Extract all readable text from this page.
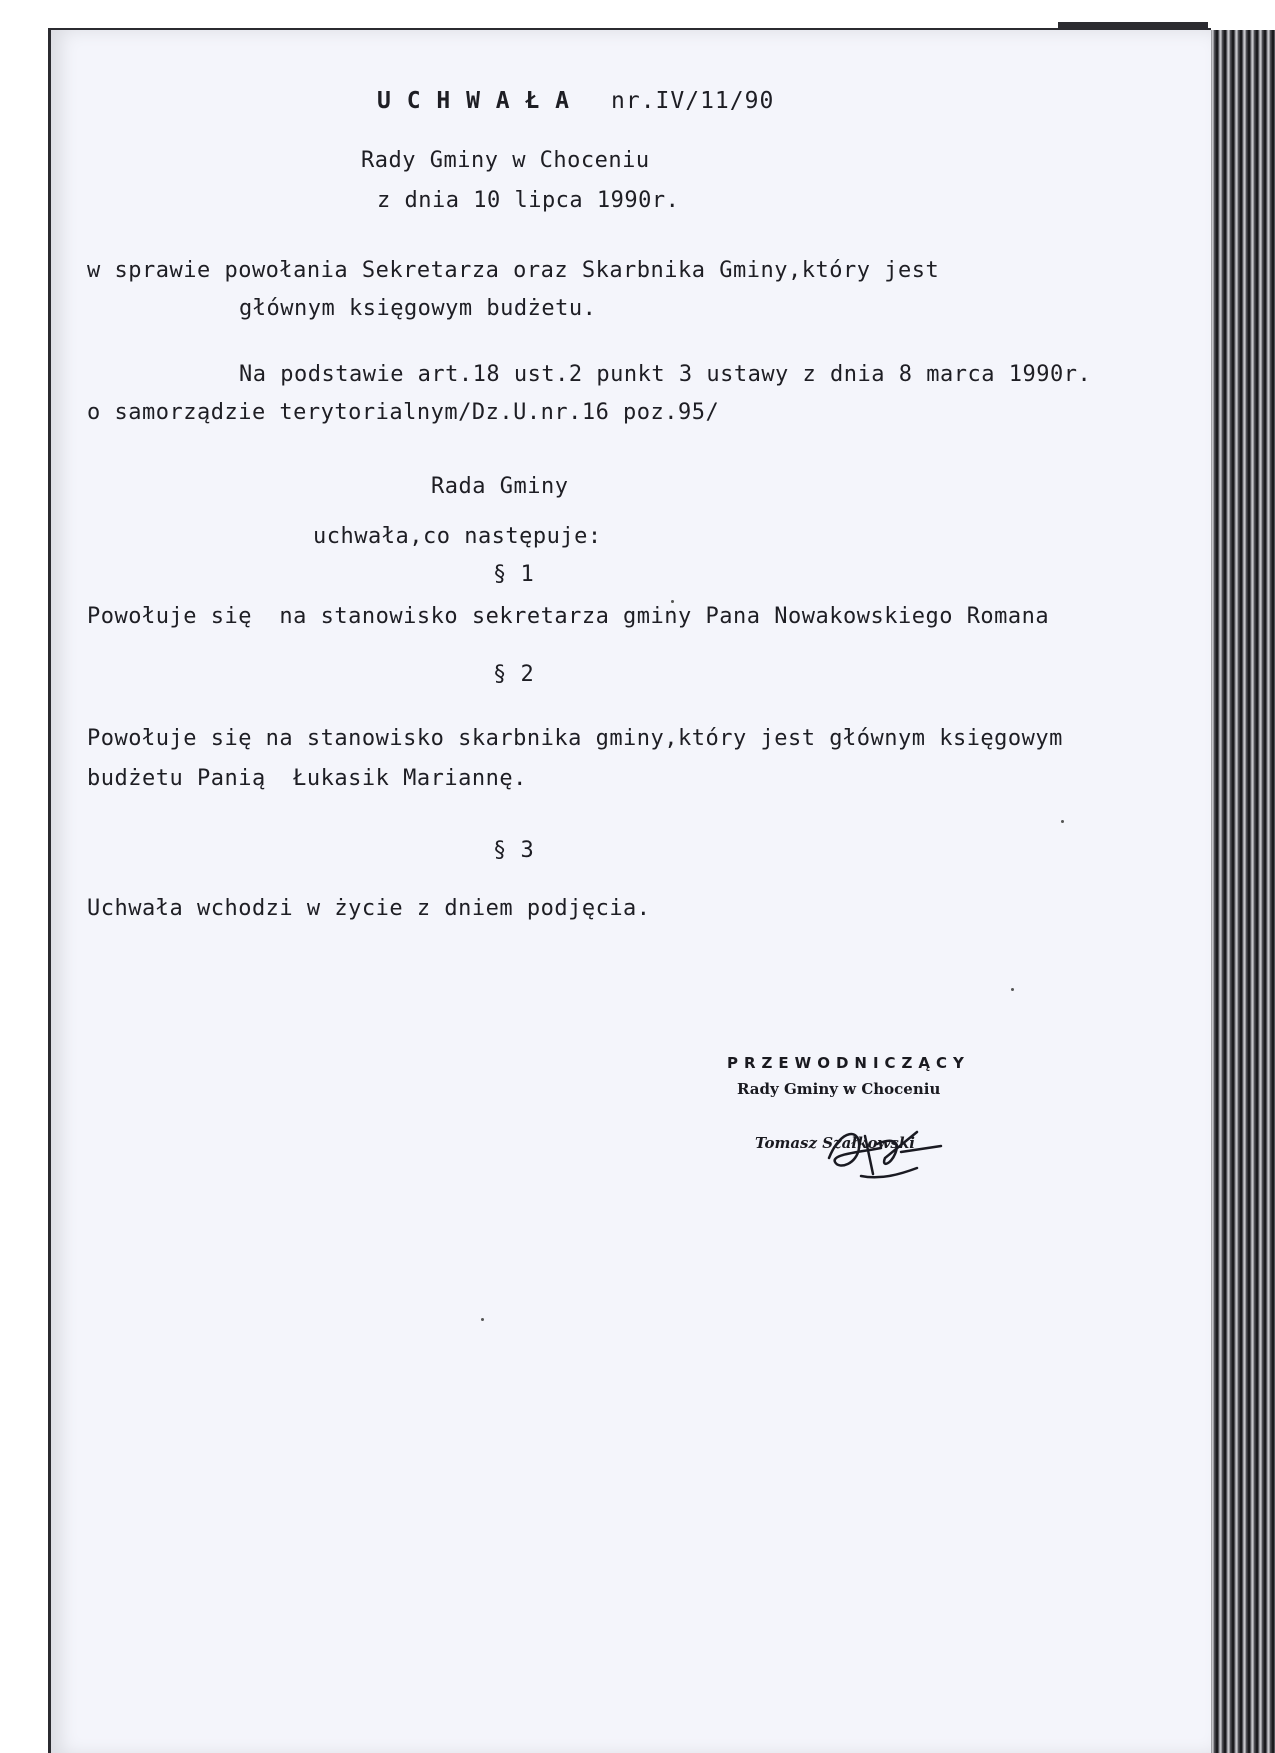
U C H W A Ł A nr.IV/11/90

Rady Gminy w Choceniu

z dnia 10 lipca 1990r.

w sprawie powołania Sekretarza oraz Skarbnika Gminy,który jest

głównym księgowym budżetu.

Na podstawie art.18 ust.2 punkt 3 ustawy z dnia 8 marca 1990r.

o samorządzie terytorialnym/Dz.U.nr.16 poz.95/

Rada Gminy

uchwała,co następuje:

§ 1

Powołuje się  na stanowisko sekretarza gminy Pana Nowakowskiego Romana

§ 2

Powołuje się na stanowisko skarbnika gminy,który jest głównym księgowym

budżetu Panią  Łukasik Mariannę.

§ 3

Uchwała wchodzi w życie z dniem podjęcia.

PRZEWODNICZĄCY

Rady Gminy w Choceniu

Tomasz Szałkowski
